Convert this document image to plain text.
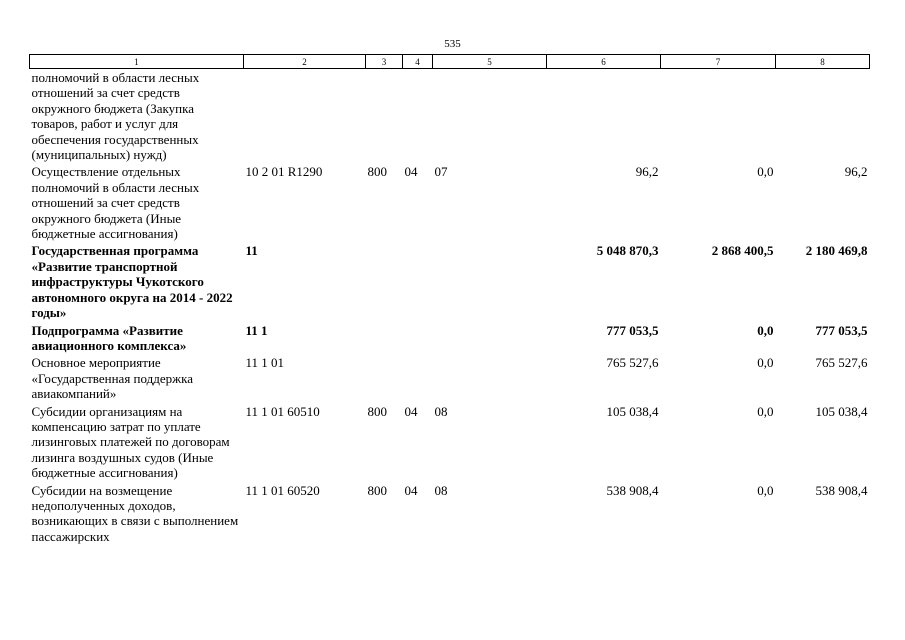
535
1	2	3	4	5	6	7	8
полномочий в области лесных отношений за счет средств окружного бюджета (Закупка товаров, работ и услуг для обеспечения государственных (муниципальных) нужд)							
Осуществление отдельных полномочий в области лесных отношений за счет средств окружного бюджета (Иные бюджетные ассигнования)	10 2 01 R1290	800	04	07	96,2	0,0	96,2
Государственная программа «Развитие транспортной инфраструктуры Чукотского автономного округа на 2014 - 2022 годы»	11				5 048 870,3	2 868 400,5	2 180 469,8
Подпрограмма «Развитие авиационного комплекса»	11 1				777 053,5	0,0	777 053,5
Основное мероприятие «Государственная поддержка авиакомпаний»	11 1 01				765 527,6	0,0	765 527,6
Субсидии организациям на компенсацию затрат по уплате лизинговых платежей по договорам лизинга воздушных судов (Иные бюджетные ассигнования)	11 1 01 60510	800	04	08	105 038,4	0,0	105 038,4
Субсидии на возмещение недополученных доходов, возникающих в связи с выполнением пассажирских	11 1 01 60520	800	04	08	538 908,4	0,0	538 908,4
